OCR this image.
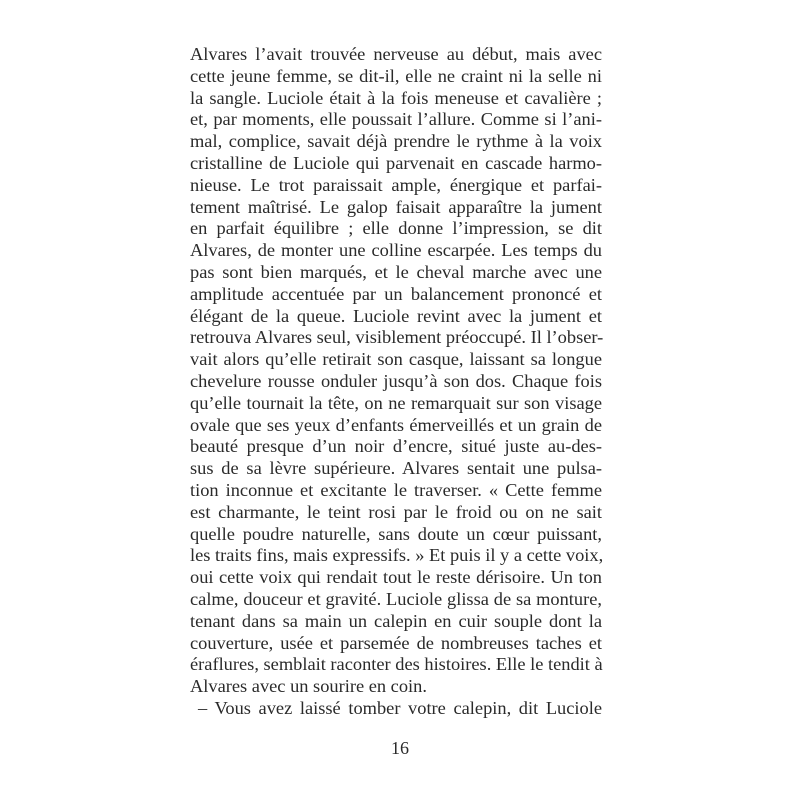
Alvares l’avait trouvée nerveuse au début, mais avec
cette jeune femme, se dit-il, elle ne craint ni la selle ni
la sangle. Luciole était à la fois meneuse et cavalière ;
et, par moments, elle poussait l’allure. Comme si l’ani-
mal, complice, savait déjà prendre le rythme à la voix
cristalline de Luciole qui parvenait en cascade harmo-
nieuse. Le trot paraissait ample, énergique et parfai-
tement maîtrisé. Le galop faisait apparaître la jument
en parfait équilibre ; elle donne l’impression, se dit
Alvares, de monter une colline escarpée. Les temps du
pas sont bien marqués, et le cheval marche avec une
amplitude accentuée par un balancement prononcé et
élégant de la queue. Luciole revint avec la jument et
retrouva Alvares seul, visiblement préoccupé. Il l’obser-
vait alors qu’elle retirait son casque, laissant sa longue
chevelure rousse onduler jusqu’à son dos. Chaque fois
qu’elle tournait la tête, on ne remarquait sur son visage
ovale que ses yeux d’enfants émerveillés et un grain de
beauté presque d’un noir d’encre, situé juste au-des-
sus de sa lèvre supérieure. Alvares sentait une pulsa-
tion inconnue et excitante le traverser. « Cette femme
est charmante, le teint rosi par le froid ou on ne sait
quelle poudre naturelle, sans doute un cœur puissant,
les traits fins, mais expressifs. » Et puis il y a cette voix,
oui cette voix qui rendait tout le reste dérisoire. Un ton
calme, douceur et gravité. Luciole glissa de sa monture,
tenant dans sa main un calepin en cuir souple dont la
couverture, usée et parsemée de nombreuses taches et
éraflures, semblait raconter des histoires. Elle le tendit à
Alvares avec un sourire en coin.
– Vous avez laissé tomber votre calepin, dit Luciole
16
